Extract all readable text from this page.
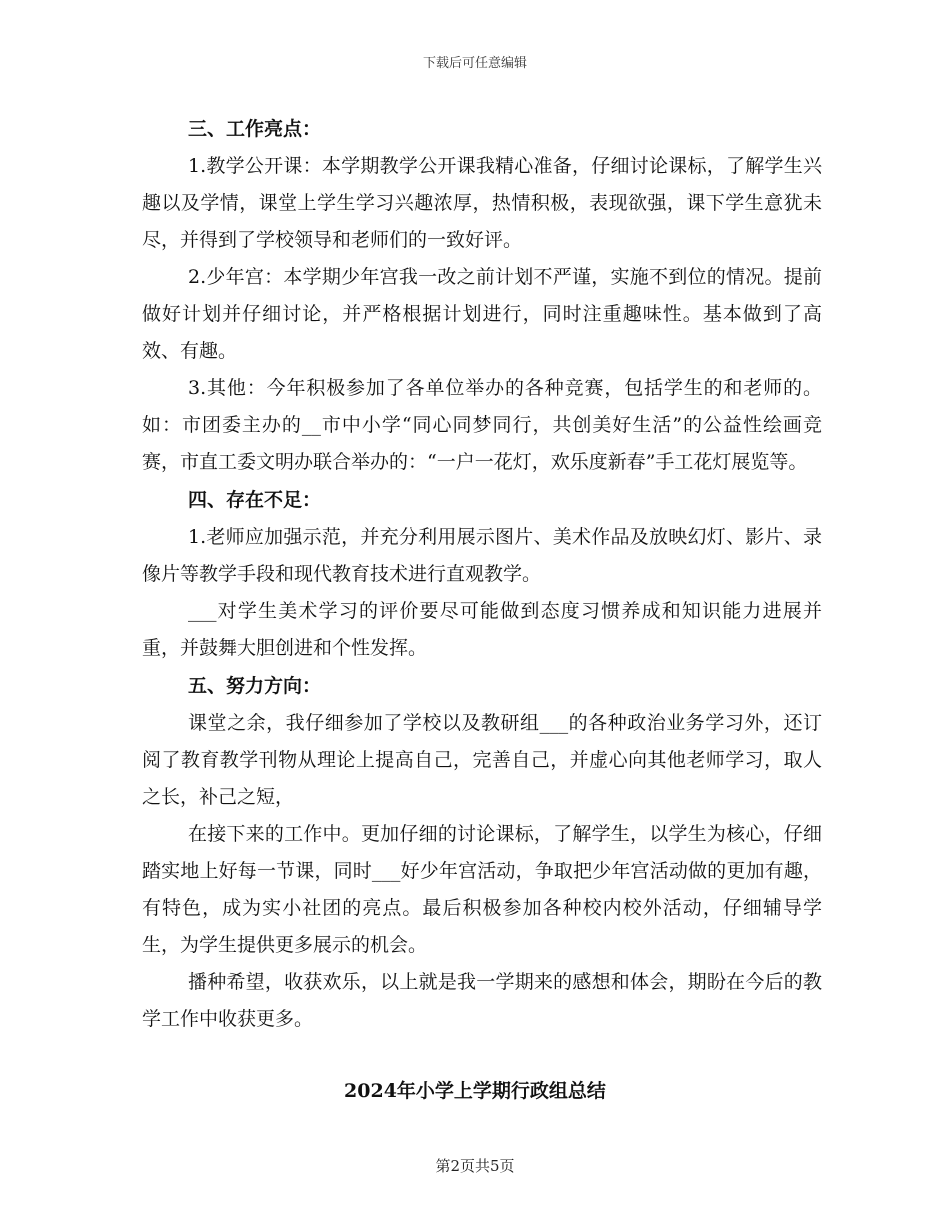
下载后可任意编辑

三、工作亮点：

1.教学公开课：本学期教学公开课我精心准备，仔细讨论课标，了解学生兴趣以及学情，课堂上学生学习兴趣浓厚，热情积极，表现欲强，课下学生意犹未尽，并得到了学校领导和老师们的一致好评。

2.少年宫：本学期少年宫我一改之前计划不严谨，实施不到位的情况。提前做好计划并仔细讨论，并严格根据计划进行，同时注重趣味性。基本做到了高效、有趣。

3.其他：今年积极参加了各单位举办的各种竞赛，包括学生的和老师的。如：市团委主办的__市中小学“同心同梦同行，共创美好生活”的公益性绘画竞赛，市直工委文明办联合举办的：“一户一花灯，欢乐度新春”手工花灯展览等。

四、存在不足：

1.老师应加强示范，并充分利用展示图片、美术作品及放映幻灯、影片、录像片等教学手段和现代教育技术进行直观教学。

___对学生美术学习的评价要尽可能做到态度习惯养成和知识能力进展并重，并鼓舞大胆创进和个性发挥。

五、努力方向：

课堂之余，我仔细参加了学校以及教研组___的各种政治业务学习外，还订阅了教育教学刊物从理论上提高自己，完善自己，并虚心向其他老师学习，取人之长，补己之短，

在接下来的工作中。更加仔细的讨论课标，了解学生，以学生为核心，仔细踏实地上好每一节课，同时___好少年宫活动，争取把少年宫活动做的更加有趣，有特色，成为实小社团的亮点。最后积极参加各种校内校外活动，仔细辅导学生，为学生提供更多展示的机会。

播种希望，收获欢乐，以上就是我一学期来的感想和体会，期盼在今后的教学工作中收获更多。

2024年小学上学期行政组总结
第2页共5页
